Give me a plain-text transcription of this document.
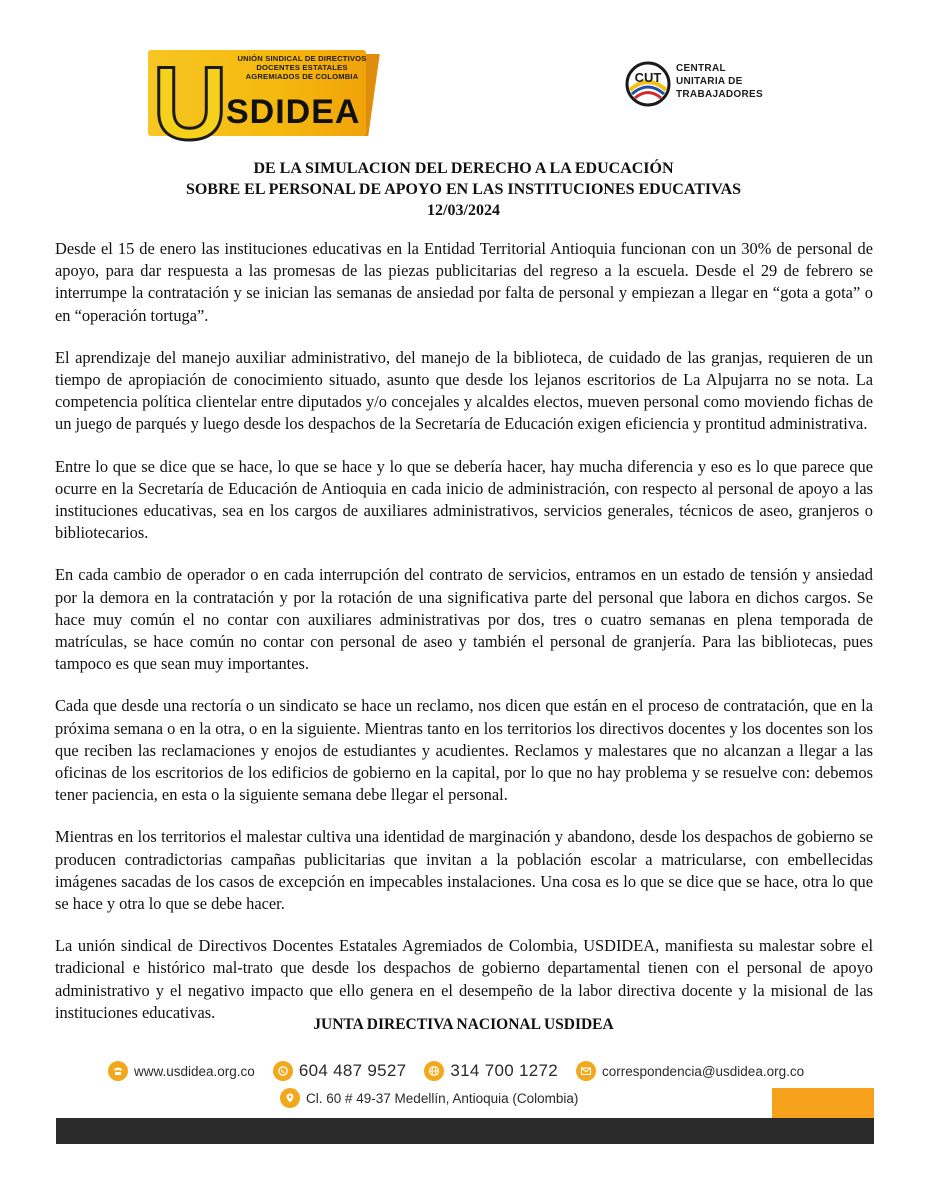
U	UNIÓN SINDICAL DE DIRECTIVOS
DOCENTES ESTATALES
AGREMIADOS DE COLOMBIA
SDIDEA
CUT
CENTRAL
UNITARIA DE
TRABAJADORES
DE LA SIMULACION DEL DERECHO A LA EDUCACIÓN
SOBRE EL PERSONAL DE APOYO EN LAS INSTITUCIONES EDUCATIVAS
12/03/2024

Desde el 15 de enero las instituciones educativas en la Entidad Territorial Antioquia funcionan con un 30% de personal de apoyo, para dar respuesta a las promesas de las piezas publicitarias del regreso a la escuela. Desde el 29 de febrero se interrumpe la contratación y se inician las semanas de ansiedad por falta de personal y empiezan a llegar en “gota a gota” o en “operación tortuga”.

El aprendizaje del manejo auxiliar administrativo, del manejo de la biblioteca, de cuidado de las granjas, requieren de un tiempo de apropiación de conocimiento situado, asunto que desde los lejanos escritorios de La Alpujarra no se nota. La competencia política clientelar entre diputados y/o concejales y alcaldes electos, mueven personal como moviendo fichas de un juego de parqués y luego desde los despachos de la Secretaría de Educación exigen eficiencia y prontitud administrativa.

Entre lo que se dice que se hace, lo que se hace y lo que se debería hacer, hay mucha diferencia y eso es lo que parece que ocurre en la Secretaría de Educación de Antioquia en cada inicio de administración, con respecto al personal de apoyo a las instituciones educativas, sea en los cargos de auxiliares administrativos, servicios generales, técnicos de aseo, granjeros o bibliotecarios.

En cada cambio de operador o en cada interrupción del contrato de servicios, entramos en un estado de tensión y ansiedad por la demora en la contratación y por la rotación de una significativa parte del personal que labora en dichos cargos. Se hace muy común el no contar con auxiliares administrativas por dos, tres o cuatro semanas en plena temporada de matrículas, se hace común no contar con personal de aseo y también el personal de granjería. Para las bibliotecas, pues tampoco es que sean muy importantes.

Cada que desde una rectoría o un sindicato se hace un reclamo, nos dicen que están en el proceso de contratación, que en la próxima semana o en la otra, o en la siguiente. Mientras tanto en los territorios los directivos docentes y los docentes son los que reciben las reclamaciones y enojos de estudiantes y acudientes. Reclamos y malestares que no alcanzan a llegar a las oficinas de los escritorios de los edificios de gobierno en la capital, por lo que no hay problema y se resuelve con: debemos tener paciencia, en esta o la siguiente semana debe llegar el personal.

Mientras en los territorios el malestar cultiva una identidad de marginación y abandono, desde los despachos de gobierno se producen contradictorias campañas publicitarias que invitan a la población escolar a matricularse, con embellecidas imágenes sacadas de los casos de excepción en impecables instalaciones. Una cosa es lo que se dice que se hace, otra lo que se hace y otra lo que se debe hacer.

La unión sindical de Directivos Docentes Estatales Agremiados de Colombia, USDIDEA, manifiesta su malestar sobre el tradicional e histórico mal-trato que desde los despachos de gobierno departamental tienen con el personal de apoyo administrativo y el negativo impacto que ello genera en el desempeño de la labor directiva docente y la misional de las instituciones educativas.

JUNTA DIRECTIVA NACIONAL USDIDEA
www.usdidea.org.co	604 487 9527	314 700 1272	correspondencia@usdidea.org.co
Cl. 60 # 49-37 Medellín, Antioquia (Colombia)
